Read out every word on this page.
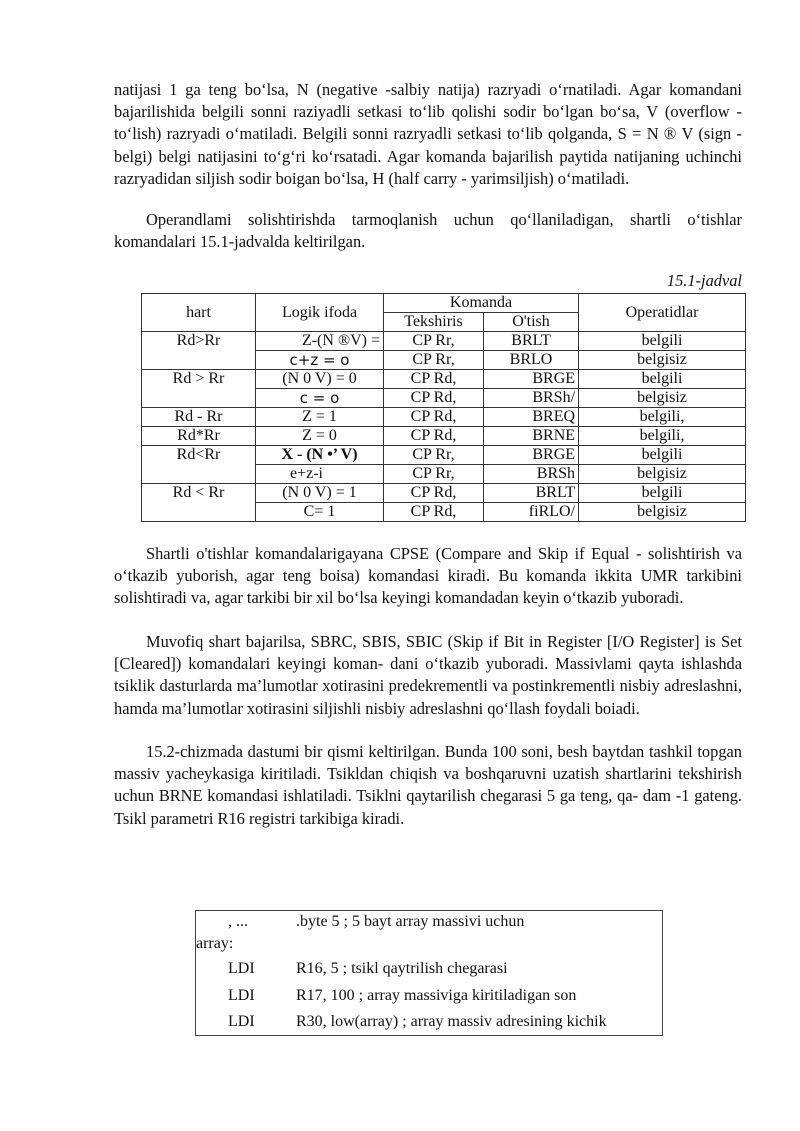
natijasi 1 ga teng bo‘lsa, N (negative -salbiy natija) razryadi o‘rnatiladi. Agar komandani bajarilishida belgili sonni raziyadli setkasi to‘lib qolishi sodir bo‘lgan bo‘sa, V (overflow - to‘lish) razryadi o‘matiladi. Belgili sonni razryadli setkasi to‘lib qolganda, S = N ® V (sign - belgi) belgi natijasini to‘g‘ri ko‘rsatadi. Agar komanda bajarilish paytida natijaning uchinchi razryadidan siljish sodir boigan bo‘lsa, H (half carry - yarimsiljish) o‘matiladi.

Operandlami solishtirishda tarmoqlanish uchun qo‘llaniladigan, shartli o‘tishlar komandalari 15.1-jadvalda keltirilgan.

15.1-jadval
hart	Logik ifoda	Komanda		Operatidlar
		Tekshiris	O'tish	
Rd>Rr	Z-(N ®V) =	CP Rr,	BRLT	belgili
	c+z = o	CP Rr,	BRLO	belgisiz
Rd > Rr	(N 0 V) = 0	CP Rd,	BRGE	belgili
	c = o	CP Rd,	BRSh/	belgisiz
Rd - Rr	Z = 1	CP Rd,	BREQ	belgili,
Rd*Rr	Z = 0	CP Rd,	BRNE	belgili,
Rd<Rr	X - (N •’ V)	CP Rr,	BRGE	belgili
	e+z-i	CP Rr,	BRSh	belgisiz
Rd < Rr	(N 0 V) = 1	CP Rd,	BRLT	belgili
	C= 1	CP Rd,	fiRLO/	belgisiz

Shartli o'tishlar komandalarigayana CPSE (Compare and Skip if Equal - solishtirish va o‘tkazib yuborish, agar teng boisa) komandasi kiradi. Bu komanda ikkita UMR tarkibini solishtiradi va, agar tarkibi bir xil bo‘lsa keyingi komandadan keyin o‘tkazib yuboradi.

Muvofiq shart bajarilsa, SBRC, SBIS, SBIC (Skip if Bit in Register [I/O Register] is Set [Cleared]) komandalari keyingi koman- dani o‘tkazib yuboradi. Massivlami qayta ishlashda tsiklik dasturlarda ma’lumotlar xotirasini predekrementli va postinkrementli nisbiy adreslashni, hamda ma’lumotlar xotirasini siljishli nisbiy adreslashni qo‘llash foydali boiadi.

15.2-chizmada dastumi bir qismi keltirilgan. Bunda 100 soni, besh baytdan tashkil topgan massiv yacheykasiga kiritiladi. Tsikldan chiqish va boshqaruvni uzatish shartlarini tekshirish uchun BRNE komandasi ishlatiladi. Tsiklni qaytarilish chegarasi 5 ga teng, qa- dam -1 gateng. Tsikl parametri R16 registri tarkibiga kiradi.

, ...	.byte 5 ; 5 bayt array massivi uchun
array:
LDI	R16, 5 ; tsikl qaytrilish chegarasi
LDI	R17, 100 ; array massiviga kiritiladigan son
LDI	R30, low(array) ; array massiv adresining kichik
